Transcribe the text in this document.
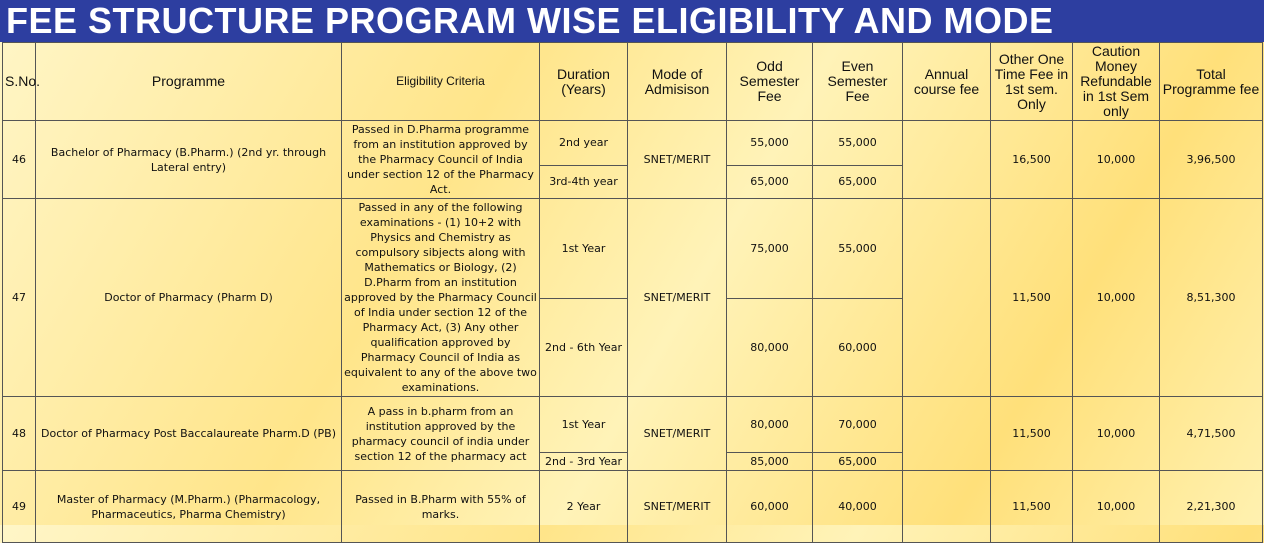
FEE STRUCTURE PROGRAM WISE ELIGIBILITY AND MODE
S.No.	Programme	Eligibility Criteria	Duration (Years)	Mode of Admisison	Odd Semester Fee	Even Semester Fee	Annual course fee	Other One Time Fee in 1st sem. Only	Caution Money Refundable in 1st Sem only	Total Programme fee
46	Bachelor of Pharmacy (B.Pharm.) (2nd yr. through Lateral entry)	Passed in D.Pharma programme from an institution approved by the Pharmacy Council of India under section 12 of the Pharmacy Act.	2nd year	SNET/MERIT	55,000	55,000		16,500	10,000	3,96,500
			3rd-4th year		65,000	65,000				
47	Doctor of Pharmacy (Pharm D)	Passed in any of the following examinations - (1) 10+2 with Physics and Chemistry as compulsory sibjects along with Mathematics or Biology, (2) D.Pharm from an institution approved by the Pharmacy Council of India under section 12 of the Pharmacy Act, (3) Any other qualification approved by Pharmacy Council of India as equivalent to any of the above two examinations.	1st Year	SNET/MERIT	75,000	55,000		11,500	10,000	8,51,300
			2nd - 6th Year		80,000	60,000				
48	Doctor of Pharmacy Post Baccalaureate Pharm.D (PB)	A pass in b.pharm from an institution approved by the pharmacy council of india under section 12 of the pharmacy act	1st Year	SNET/MERIT	80,000	70,000		11,500	10,000	4,71,500
			2nd - 3rd Year		85,000	65,000				
49	Master of Pharmacy (M.Pharm.) (Pharmacology, Pharmaceutics, Pharma Chemistry)	Passed in B.Pharm with 55% of marks.	2 Year	SNET/MERIT	60,000	40,000		11,500	10,000	2,21,300
